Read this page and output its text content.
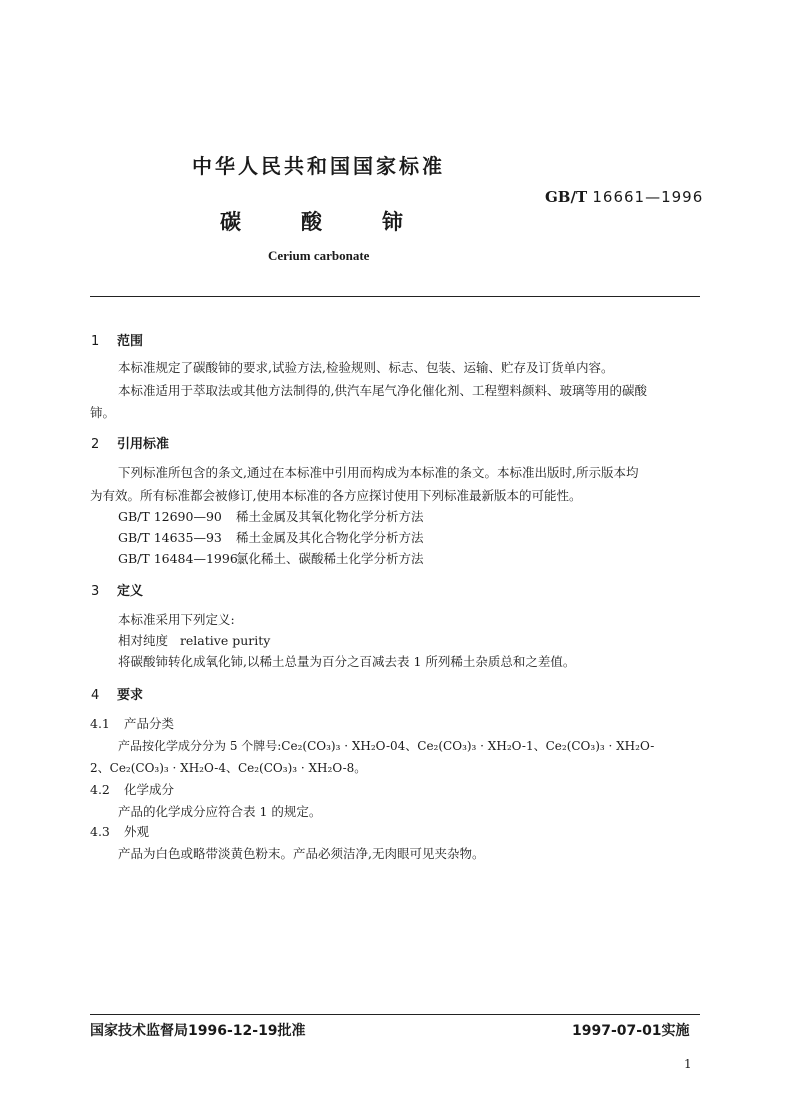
中华人民共和国国家标准
GB/T 16661—1996
碳	酸	铈
Cerium carbonate
1 范围
本标准规定了碳酸铈的要求,试验方法,检验规则、标志、包装、运输、贮存及订货单内容。
本标准适用于萃取法或其他方法制得的,供汽车尾气净化催化剂、工程塑料颜料、玻璃等用的碳酸
铈。
2 引用标准
下列标准所包含的条文,通过在本标准中引用而构成为本标准的条文。本标准出版时,所示版本均
为有效。所有标准都会被修订,使用本标准的各方应探讨使用下列标准最新版本的可能性。
GB/T 12690—90 稀土金属及其氧化物化学分析方法
GB/T 14635—93 稀土金属及其化合物化学分析方法
GB/T 16484—1996氯化稀土、碳酸稀土化学分析方法
3 定义
本标准采用下列定义:
相对纯度 relative purity
将碳酸铈转化成氧化铈,以稀土总量为百分之百减去表 1 所列稀土杂质总和之差值。
4 要求
4.1 产品分类
产品按化学成分分为 5 个牌号:Ce₂(CO₃)₃ · XH₂O-04、Ce₂(CO₃)₃ · XH₂O-1、Ce₂(CO₃)₃ · XH₂O-
2、Ce₂(CO₃)₃ · XH₂O-4、Ce₂(CO₃)₃ · XH₂O-8。
4.2 化学成分
产品的化学成分应符合表 1 的规定。
4.3 外观
产品为白色或略带淡黄色粉末。产品必须洁净,无肉眼可见夹杂物。
国家技术监督局1996-12-19批准	1997-07-01实施
1
